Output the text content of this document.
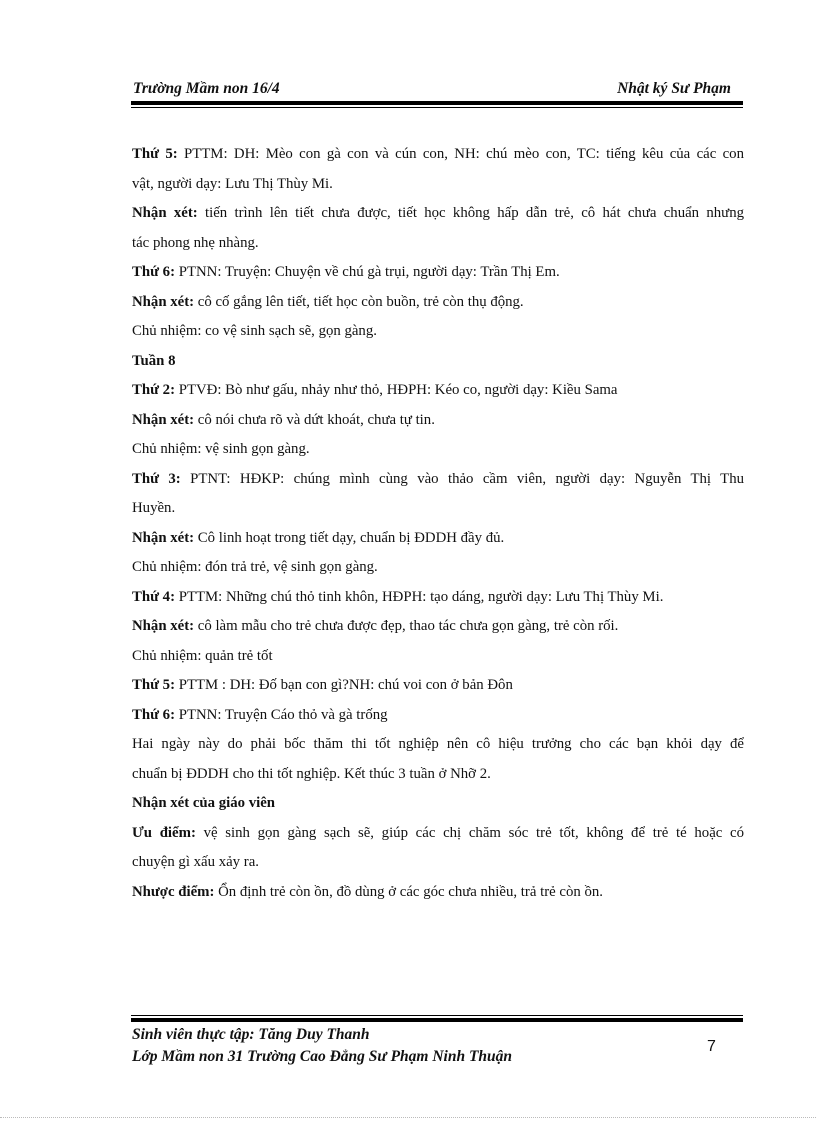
Trường Mầm non 16/4	Nhật ký Sư Phạm
Thứ 5: PTTM: DH: Mèo con gà con và cún con, NH: chú mèo con, TC: tiếng kêu của các con
vật, người dạy: Lưu Thị Thùy Mi.
Nhận xét: tiến trình lên tiết chưa được, tiết học không hấp dẫn trẻ, cô hát chưa chuẩn nhưng
tác phong nhẹ nhàng.
Thứ 6: PTNN: Truyện: Chuyện về chú gà trụi, người dạy: Trần Thị Em.
Nhận xét: cô cố gắng lên tiết, tiết học còn buồn, trẻ còn thụ động.
Chủ nhiệm: co vệ sinh sạch sẽ, gọn gàng.
Tuần 8
Thứ 2: PTVĐ: Bò như gấu, nhảy như thỏ, HĐPH: Kéo co, người dạy: Kiều Sama
Nhận xét: cô nói chưa rõ và dứt khoát, chưa tự tin.
Chủ nhiệm: vệ sinh gọn gàng.
Thứ 3: PTNT: HĐKP: chúng mình cùng vào thảo cầm viên, người dạy: Nguyễn Thị Thu
Huyền.
Nhận xét: Cô linh hoạt trong tiết dạy, chuẩn bị ĐDDH đầy đủ.
Chủ nhiệm: đón trả trẻ, vệ sinh gọn gàng.
Thứ 4: PTTM: Những chú thỏ tinh khôn, HĐPH: tạo dáng, người dạy: Lưu Thị Thùy Mi.
Nhận xét: cô làm mẫu cho trẻ chưa được đẹp, thao tác chưa gọn gàng, trẻ còn rối.
Chủ nhiệm: quản trẻ tốt
Thứ 5: PTTM : DH: Đố bạn con gì?NH: chú voi con ở bản Đôn
Thứ 6: PTNN: Truyện Cáo thỏ và gà trống
Hai ngày này do phải bốc thăm thi tốt nghiệp nên cô hiệu trưởng cho các bạn khỏi dạy để
chuẩn bị ĐDDH cho thi tốt nghiệp. Kết thúc 3 tuần ở Nhỡ 2.
Nhận xét của giáo viên
Ưu điểm: vệ sinh gọn gàng sạch sẽ, giúp các chị chăm sóc trẻ tốt, không để trẻ té hoặc có
chuyện gì xấu xảy ra.
Nhược điểm: Ổn định trẻ còn ồn, đồ dùng ở các góc chưa nhiều, trả trẻ còn ồn.
Sinh viên thực tập: Tăng Duy Thanh
Lớp Mầm non 31 Trường Cao Đẳng Sư Phạm Ninh Thuận
7
